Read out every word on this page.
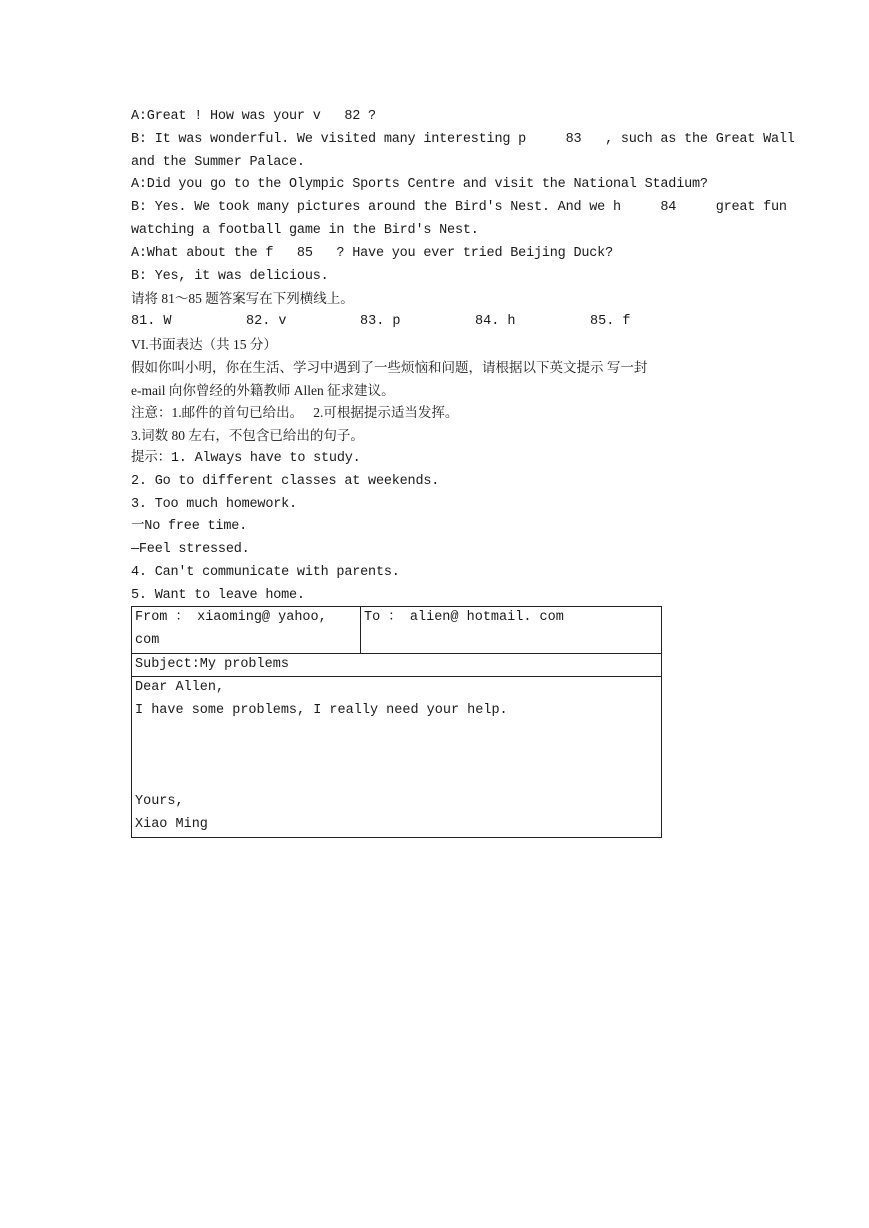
A:Great ! How was your v   82 ?
B: It was wonderful. We visited many interesting p     83   , such as the Great Wall
and the Summer Palace.
A:Did you go to the Olympic Sports Centre and visit the National Stadium?
B: Yes. We took many pictures around the Bird's Nest. And we h     84     great fun
watching a football game in the Bird's Nest.
A:What about the f   85   ? Have you ever tried Beijing Duck?
B: Yes, it was delicious.
请将 81～85 题答案写在下列横线上。
81. W	82. v	83. p	84. h	85. f
VI.书面表达（共 15 分）
假如你叫小明，你在生活、学习中遇到了一些烦恼和问题，请根据以下英文提示 写一封
e-mail 向你曾经的外籍教师 Allen 征求建议。
注意：1.邮件的首句已给出。   2.可根据提示适当发挥。
3.词数 80 左右，不包含已给出的句子。
提示：1. Always have to study.
2. Go to different classes at weekends.
3. Too much homework.
一No free time.
—Feel stressed.
4. Can't communicate with parents.
5. Want to leave home.
From ： xiaoming@ yahoo, com	To ： alien@ hotmail. com
Subject:My problems

Dear Allen,
I have some problems, I really need your help.
Yours,
Xiao Ming
